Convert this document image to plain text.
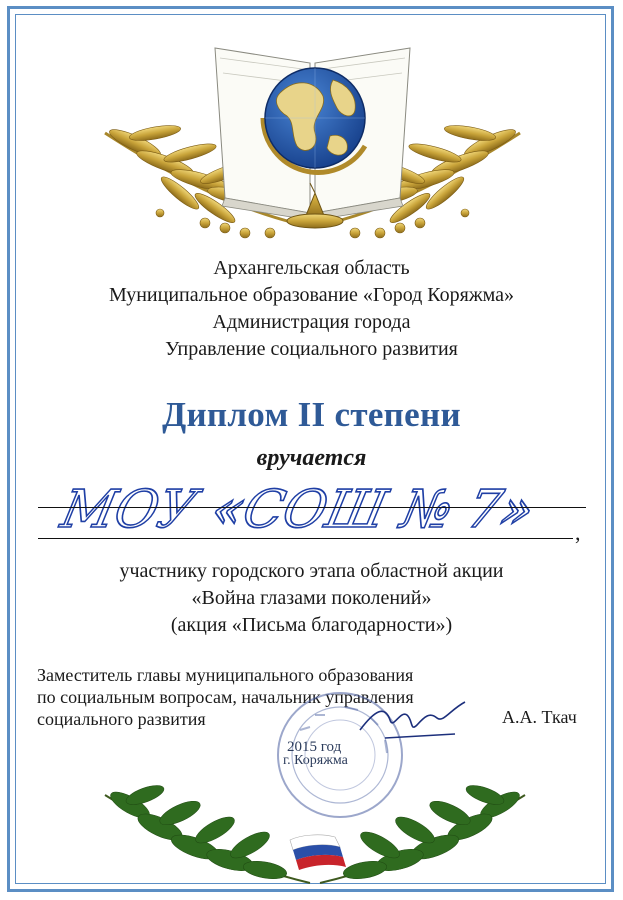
Архангельская область
Муниципальное образование «Город Коряжма»
Администрация города
Управление социального развития
Диплом II степени
вручается
МОУ «СОШ № 7» ,
участнику городского этапа областной акции
«Война глазами поколений»
(акция «Письма благодарности»)
Заместитель главы муниципального образования
по социальным вопросам, начальник управления
социального развития
2015 год
г. Коряжма
А.А. Ткач
